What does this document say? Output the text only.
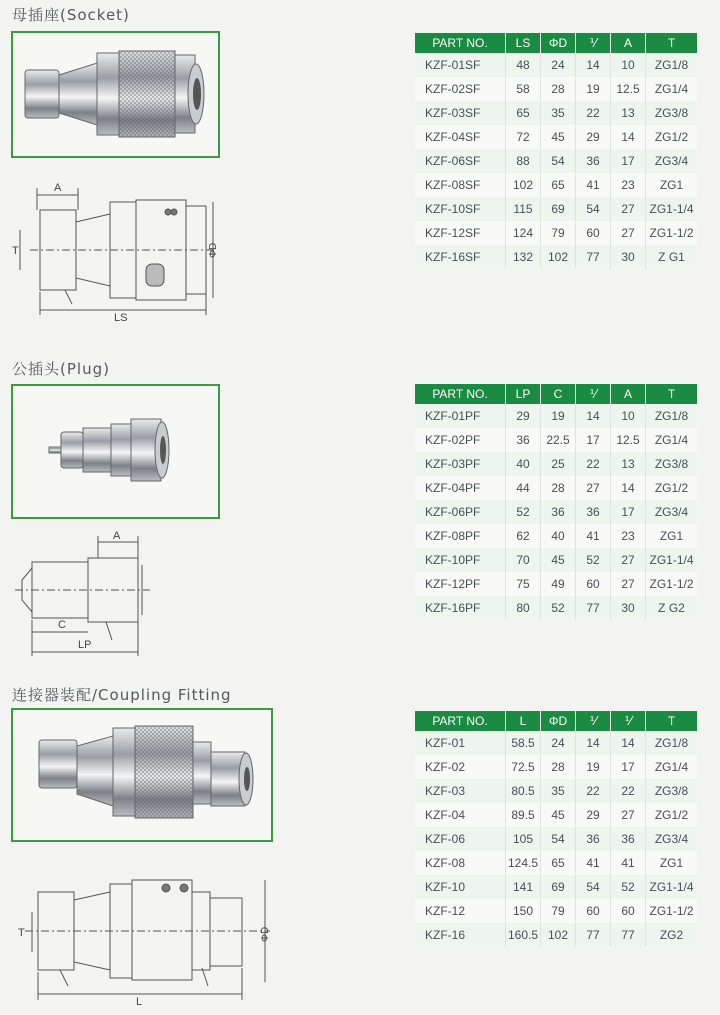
母插座(Socket)
A
T	ΦD
LS
PART NO.	LS	ΦD	⅟	A	T
KZF-01SF	48	24	14	10	ZG1/8
KZF-02SF	58	28	19	12.5	ZG1/4
KZF-03SF	65	35	22	13	ZG3/8
KZF-04SF	72	45	29	14	ZG1/2
KZF-06SF	88	54	36	17	ZG3/4
KZF-08SF	102	65	41	23	ZG1
KZF-10SF	115	69	54	27	ZG1-1/4
KZF-12SF	124	79	60	27	ZG1-1/2
KZF-16SF	132	102	77	30	Z G1
公插头(Plug)
A
C
LP
PART NO.	LP	C	⅟	A	T
KZF-01PF	29	19	14	10	ZG1/8
KZF-02PF	36	22.5	17	12.5	ZG1/4
KZF-03PF	40	25	22	13	ZG3/8
KZF-04PF	44	28	27	14	ZG1/2
KZF-06PF	52	36	36	17	ZG3/4
KZF-08PF	62	40	41	23	ZG1
KZF-10PF	70	45	52	27	ZG1-1/4
KZF-12PF	75	49	60	27	ZG1-1/2
KZF-16PF	80	52	77	30	Z G2
连接器装配/Coupling Fitting
T	ΦD
L
PART NO.	L	ΦD	⅟	⅟	T
KZF-01	58.5	24	14	14	ZG1/8
KZF-02	72.5	28	19	17	ZG1/4
KZF-03	80.5	35	22	22	ZG3/8
KZF-04	89.5	45	29	27	ZG1/2
KZF-06	105	54	36	36	ZG3/4
KZF-08	124.5	65	41	41	ZG1
KZF-10	141	69	54	52	ZG1-1/4
KZF-12	150	79	60	60	ZG1-1/2
KZF-16	160.5	102	77	77	ZG2
